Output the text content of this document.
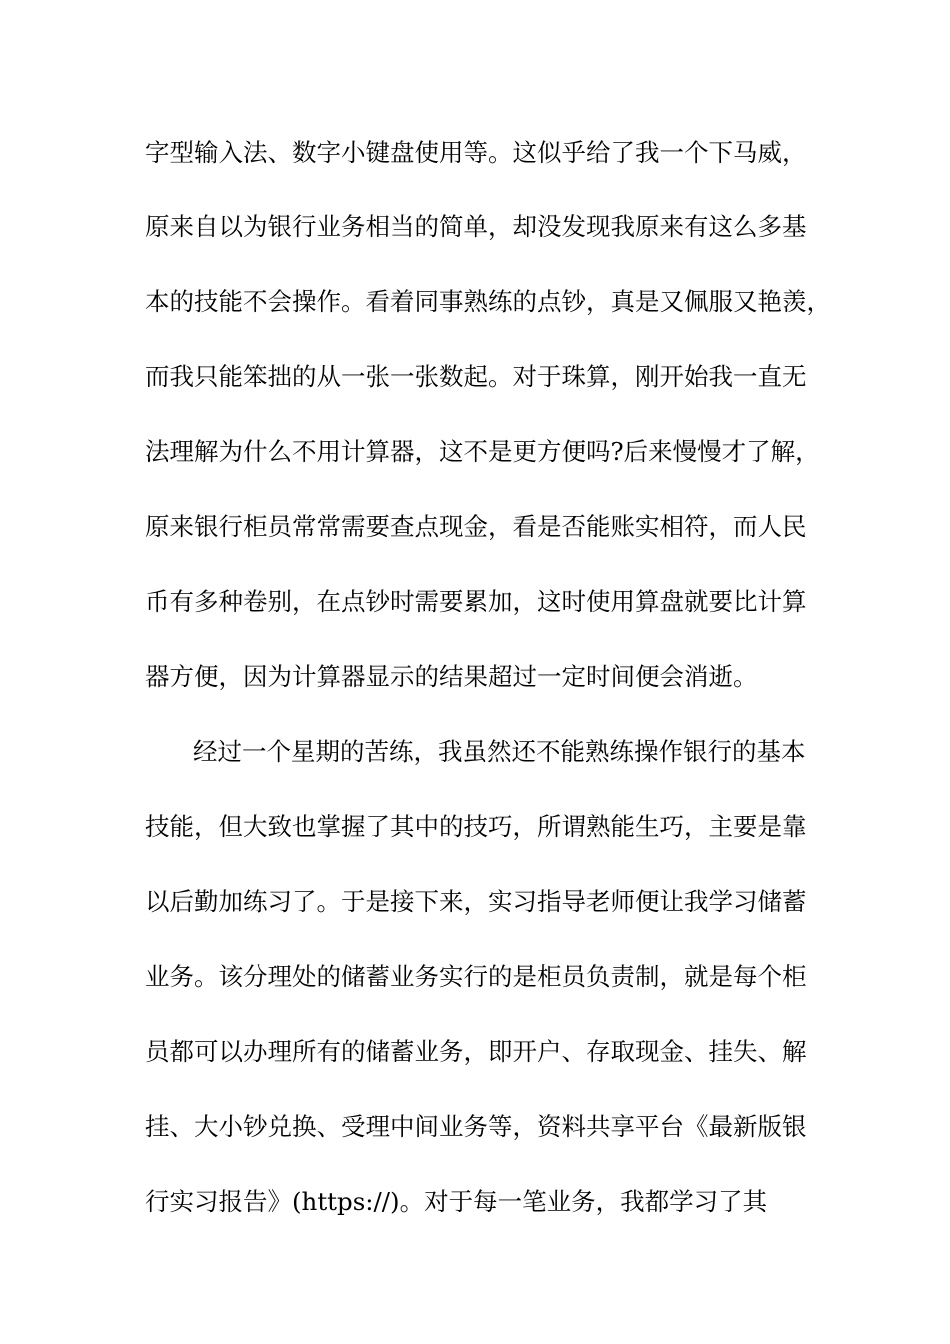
字型输入法、数字小键盘使用等。这似乎给了我一个下马威，
原来自以为银行业务相当的简单，却没发现我原来有这么多基
本的技能不会操作。看着同事熟练的点钞，真是又佩服又艳羡，
而我只能笨拙的从一张一张数起。对于珠算，刚开始我一直无
法理解为什么不用计算器，这不是更方便吗?后来慢慢才了解，
原来银行柜员常常需要查点现金，看是否能账实相符，而人民
币有多种卷别，在点钞时需要累加，这时使用算盘就要比计算
器方便，因为计算器显示的结果超过一定时间便会消逝。
经过一个星期的苦练，我虽然还不能熟练操作银行的基本
技能，但大致也掌握了其中的技巧，所谓熟能生巧，主要是靠
以后勤加练习了。于是接下来，实习指导老师便让我学习储蓄
业务。该分理处的储蓄业务实行的是柜员负责制，就是每个柜
员都可以办理所有的储蓄业务，即开户、存取现金、挂失、解
挂、大小钞兑换、受理中间业务等，资料共享平台《最新版银
行实习报告》(https://)。对于每一笔业务，我都学习了其
